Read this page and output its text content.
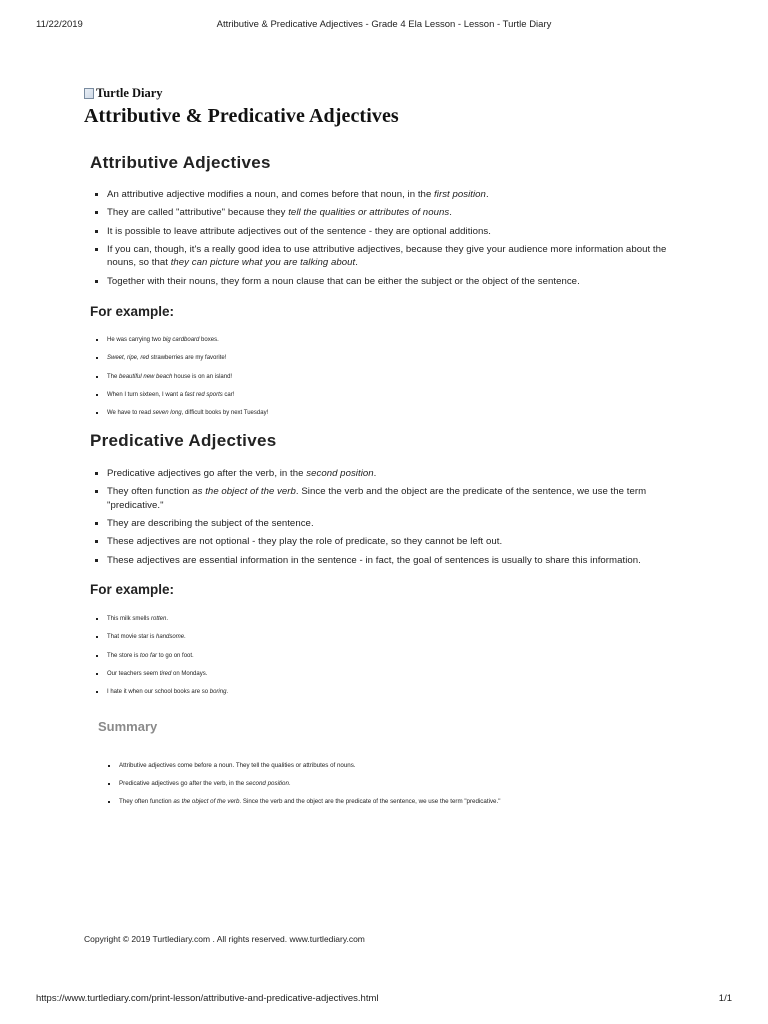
11/22/2019	Attributive & Predicative Adjectives - Grade 4 Ela Lesson - Lesson - Turtle Diary
Turtle Diary
Attributive & Predicative Adjectives
Attributive Adjectives
An attributive adjective modifies a noun, and comes before that noun, in the first position.
They are called "attributive" because they tell the qualities or attributes of nouns.
It is possible to leave attribute adjectives out of the sentence - they are optional additions.
If you can, though, it's a really good idea to use attributive adjectives, because they give your audience more information about the nouns, so that they can picture what you are talking about.
Together with their nouns, they form a noun clause that can be either the subject or the object of the sentence.
For example:
He was carrying two big cardboard boxes.
Sweet, ripe, red strawberries are my favorite!
The beautiful new beach house is on an island!
When I turn sixteen, I want a fast red sports car!
We have to read seven long, difficult books by next Tuesday!
Predicative Adjectives
Predicative adjectives go after the verb, in the second position.
They often function as the object of the verb. Since the verb and the object are the predicate of the sentence, we use the term "predicative."
They are describing the subject of the sentence.
These adjectives are not optional - they play the role of predicate, so they cannot be left out.
These adjectives are essential information in the sentence - in fact, the goal of sentences is usually to share this information.
For example:
This milk smells rotten.
That movie star is handsome.
The store is too far to go on foot.
Our teachers seem tired on Mondays.
I hate it when our school books are so boring.
Summary
Attributive adjectives come before a noun. They tell the qualities or attributes of nouns.
Predicative adjectives go after the verb, in the second position.
They often function as the object of the verb. Since the verb and the object are the predicate of the sentence, we use the term "predicative."
Copyright © 2019 Turtlediary.com . All rights reserved. www.turtlediary.com
https://www.turtlediary.com/print-lesson/attributive-and-predicative-adjectives.html	1/1
